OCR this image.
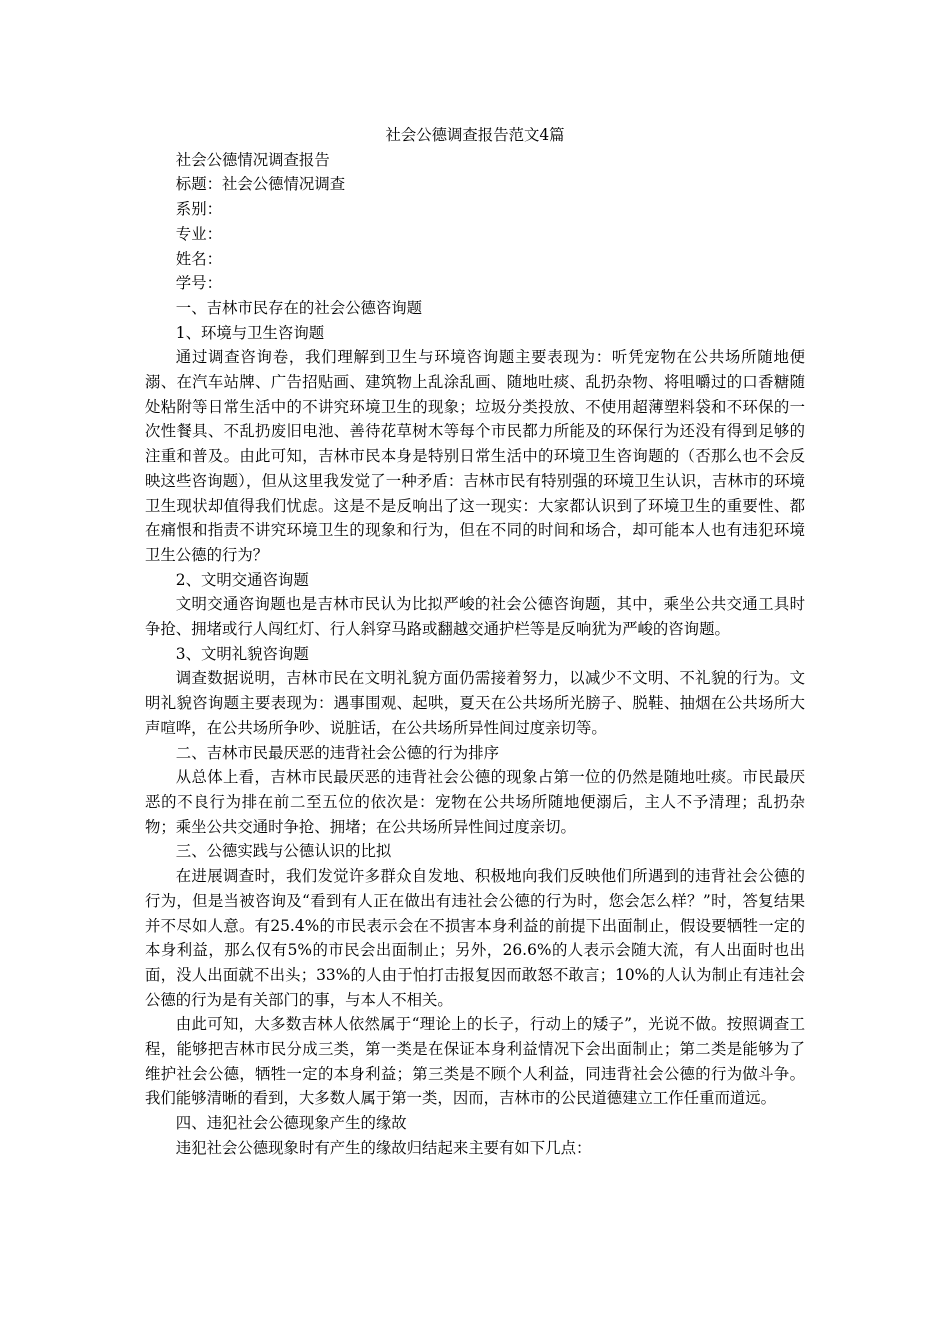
社会公德调查报告范文4篇

社会公德情况调查报告

标题：社会公德情况调查

系别：

专业：

姓名：

学号：

一、吉林市民存在的社会公德咨询题

1、环境与卫生咨询题

通过调查咨询卷，我们理解到卫生与环境咨询题主要表现为：听凭宠物在公共场所随地便溺、在汽车站牌、广告招贴画、建筑物上乱涂乱画、随地吐痰、乱扔杂物、将咀嚼过的口香糖随处粘附等日常生活中的不讲究环境卫生的现象；垃圾分类投放、不使用超薄塑料袋和不环保的一次性餐具、不乱扔废旧电池、善待花草树木等每个市民都力所能及的环保行为还没有得到足够的注重和普及。由此可知，吉林市民本身是特别日常生活中的环境卫生咨询题的（否那么也不会反映这些咨询题），但从这里我发觉了一种矛盾：吉林市民有特别强的环境卫生认识，吉林市的环境卫生现状却值得我们忧虑。这是不是反响出了这一现实：大家都认识到了环境卫生的重要性、都在痛恨和指责不讲究环境卫生的现象和行为，但在不同的时间和场合，却可能本人也有违犯环境卫生公德的行为？

2、文明交通咨询题

文明交通咨询题也是吉林市民认为比拟严峻的社会公德咨询题，其中，乘坐公共交通工具时争抢、拥堵或行人闯红灯、行人斜穿马路或翻越交通护栏等是反响犹为严峻的咨询题。

3、文明礼貌咨询题

调查数据说明，吉林市民在文明礼貌方面仍需接着努力，以减少不文明、不礼貌的行为。文明礼貌咨询题主要表现为：遇事围观、起哄，夏天在公共场所光膀子、脱鞋、抽烟在公共场所大声喧哗，在公共场所争吵、说脏话，在公共场所异性间过度亲切等。

二、吉林市民最厌恶的违背社会公德的行为排序

从总体上看，吉林市民最厌恶的违背社会公德的现象占第一位的仍然是随地吐痰。市民最厌恶的不良行为排在前二至五位的依次是：宠物在公共场所随地便溺后，主人不予清理；乱扔杂物；乘坐公共交通时争抢、拥堵；在公共场所异性间过度亲切。

三、公德实践与公德认识的比拟

在进展调查时，我们发觉许多群众自发地、积极地向我们反映他们所遇到的违背社会公德的行为，但是当被咨询及“看到有人正在做出有违社会公德的行为时，您会怎么样？”时，答复结果并不尽如人意。有25.4%的市民表示会在不损害本身利益的前提下出面制止，假设要牺牲一定的本身利益，那么仅有5%的市民会出面制止；另外，26.6%的人表示会随大流，有人出面时也出面，没人出面就不出头；33%的人由于怕打击报复因而敢怒不敢言；10%的人认为制止有违社会公德的行为是有关部门的事，与本人不相关。

由此可知，大多数吉林人依然属于“理论上的长子，行动上的矮子”，光说不做。按照调查工程，能够把吉林市民分成三类，第一类是在保证本身利益情况下会出面制止；第二类是能够为了维护社会公德，牺牲一定的本身利益；第三类是不顾个人利益，同违背社会公德的行为做斗争。我们能够清晰的看到，大多数人属于第一类，因而，吉林市的公民道德建立工作任重而道远。

四、违犯社会公德现象产生的缘故

违犯社会公德现象时有产生的缘故归结起来主要有如下几点：
